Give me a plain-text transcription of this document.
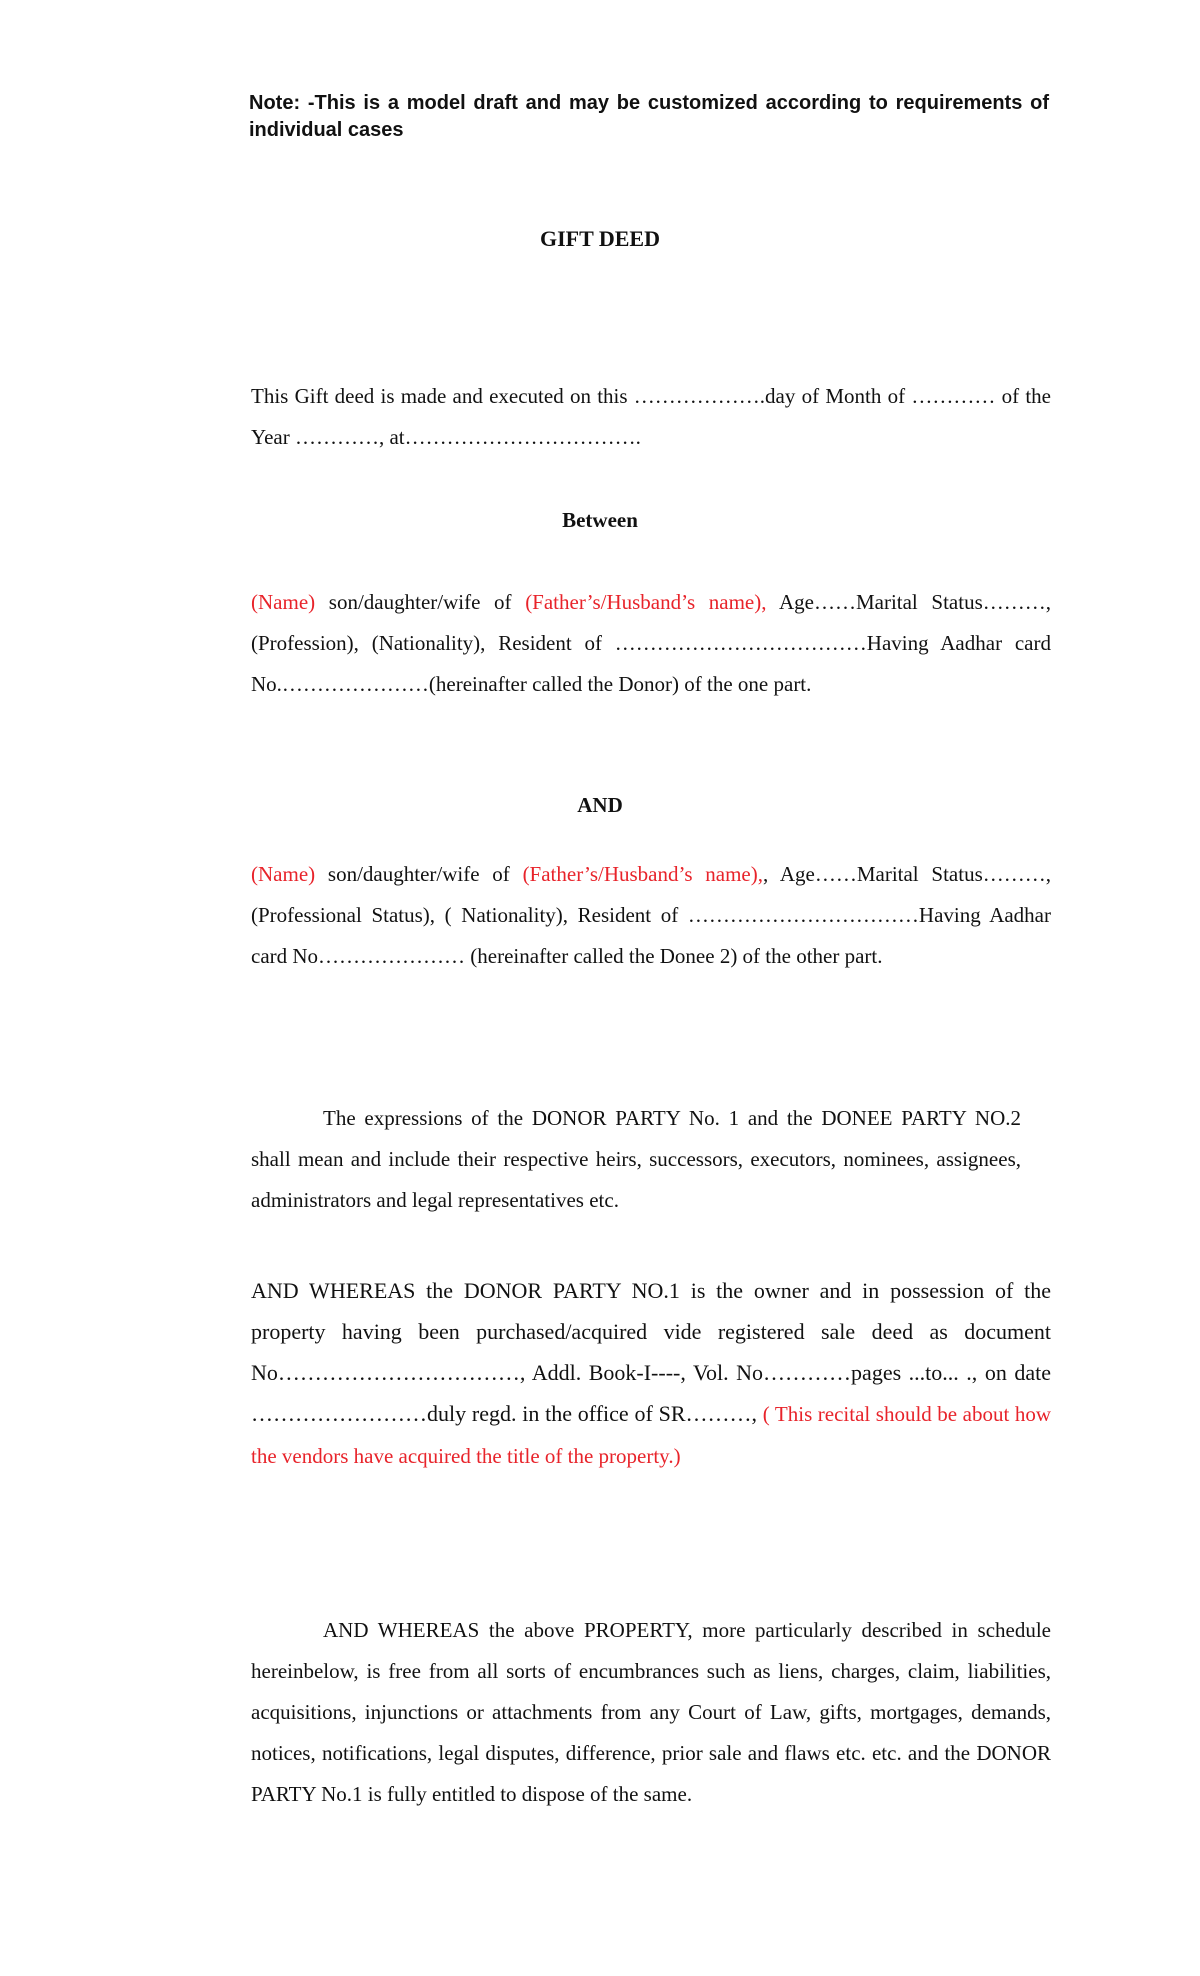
Note: -This is a model draft and may be customized according to requirements of individual cases

GIFT DEED

This Gift deed is made and executed on this ……………….day of Month of ………… of the Year …………, at…………………………….

Between

(Name) son/daughter/wife of (Father’s/Husband’s name), Age……Marital Status………, (Profession), (Nationality), Resident of ………………………………Having Aadhar card No.…………………(hereinafter called the Donor) of the one part.

AND

(Name) son/daughter/wife of (Father’s/Husband’s name),, Age……Marital Status………, (Professional Status), ( Nationality), Resident of ……………………………Having Aadhar card No………………… (hereinafter called the Donee 2) of the other part.

The expressions of the DONOR PARTY No. 1 and the DONEE PARTY NO.2 shall mean and include their respective heirs, successors, executors, nominees, assignees, administrators and legal representatives etc.

AND WHEREAS the DONOR PARTY NO.1 is the owner and in possession of the property having been purchased/acquired vide registered sale deed as document No……………………………, Addl. Book-I----, Vol. No…………pages ...to... ., on date ……………………duly regd. in the office of SR………, ( This recital should be about how the vendors have acquired the title of the property.)

AND WHEREAS the above PROPERTY, more particularly described in schedule hereinbelow, is free from all sorts of encumbrances such as liens, charges, claim, liabilities, acquisitions, injunctions or attachments from any Court of Law, gifts, mortgages, demands, notices, notifications, legal disputes, difference, prior sale and flaws etc. etc. and the DONOR PARTY No.1 is fully entitled to dispose of the same.
